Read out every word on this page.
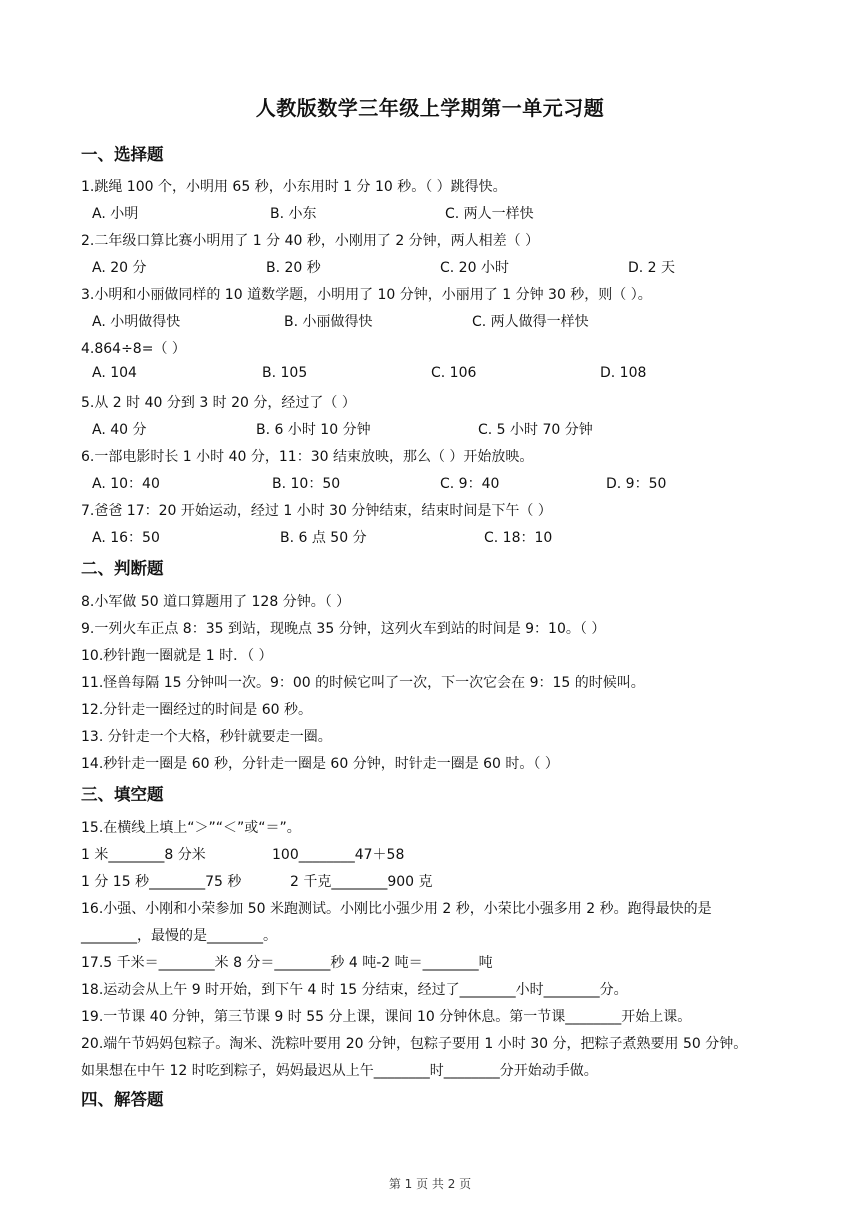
人教版数学三年级上学期第一单元习题
一、选择题
1.跳绳 100 个，小明用 65 秒，小东用时 1 分 10 秒。（ ）跳得快。
A. 小明	B. 小东	C. 两人一样快
2.二年级口算比赛小明用了 1 分 40 秒，小刚用了 2 分钟，两人相差（ ）
A. 20 分	B. 20 秒	C. 20 小时	D. 2 天
3.小明和小丽做同样的 10 道数学题，小明用了 10 分钟，小丽用了 1 分钟 30 秒，则（ ）。
A. 小明做得快	B. 小丽做得快	C. 两人做得一样快
4.864÷8=（ ）
A. 104	B. 105	C. 106	D. 108
5.从 2 时 40 分到 3 时 20 分，经过了（ ）
A. 40 分	B. 6 小时 10 分钟	C. 5 小时 70 分钟
6.一部电影时长 1 小时 40 分，11：30 结束放映，那么（ ）开始放映。
A. 10：40	B. 10：50	C. 9：40	D. 9：50
7.爸爸 17：20 开始运动，经过 1 小时 30 分钟结束，结束时间是下午（ ）
A. 16：50	B. 6 点 50 分	C. 18：10
二、判断题
8.小军做 50 道口算题用了 128 分钟。（ ）
9.一列火车正点 8：35 到站，现晚点 35 分钟，这列火车到站的时间是 9：10。（ ）
10.秒针跑一圈就是 1 时．（ ）
11.怪兽每隔 15 分钟叫一次。9：00 的时候它叫了一次，下一次它会在 9：15 的时候叫。
12.分针走一圈经过的时间是 60 秒。
13. 分针走一个大格，秒针就要走一圈。
14.秒针走一圈是 60 秒，分针走一圈是 60 分钟，时针走一圈是 60 时。（ ）
三、填空题
15.在横线上填上“＞”“＜”或“＝”。
1 米________8 分米	100________47＋58
1 分 15 秒________75 秒	2 千克________900 克
16.小强、小刚和小荣参加 50 米跑测试。小刚比小强少用 2 秒，小荣比小强多用 2 秒。跑得最快的是
________，最慢的是________。
17.5 千米＝________米 8 分＝________秒 4 吨-2 吨＝________吨
18.运动会从上午 9 时开始，到下午 4 时 15 分结束，经过了________小时________分。
19.一节课 40 分钟，第三节课 9 时 55 分上课，课间 10 分钟休息。第一节课________开始上课。
20.端午节妈妈包粽子。淘米、洗粽叶要用 20 分钟，包粽子要用 1 小时 30 分，把粽子煮熟要用 50 分钟。
如果想在中午 12 时吃到粽子，妈妈最迟从上午________时________分开始动手做。
四、解答题
第 1 页 共 2 页
